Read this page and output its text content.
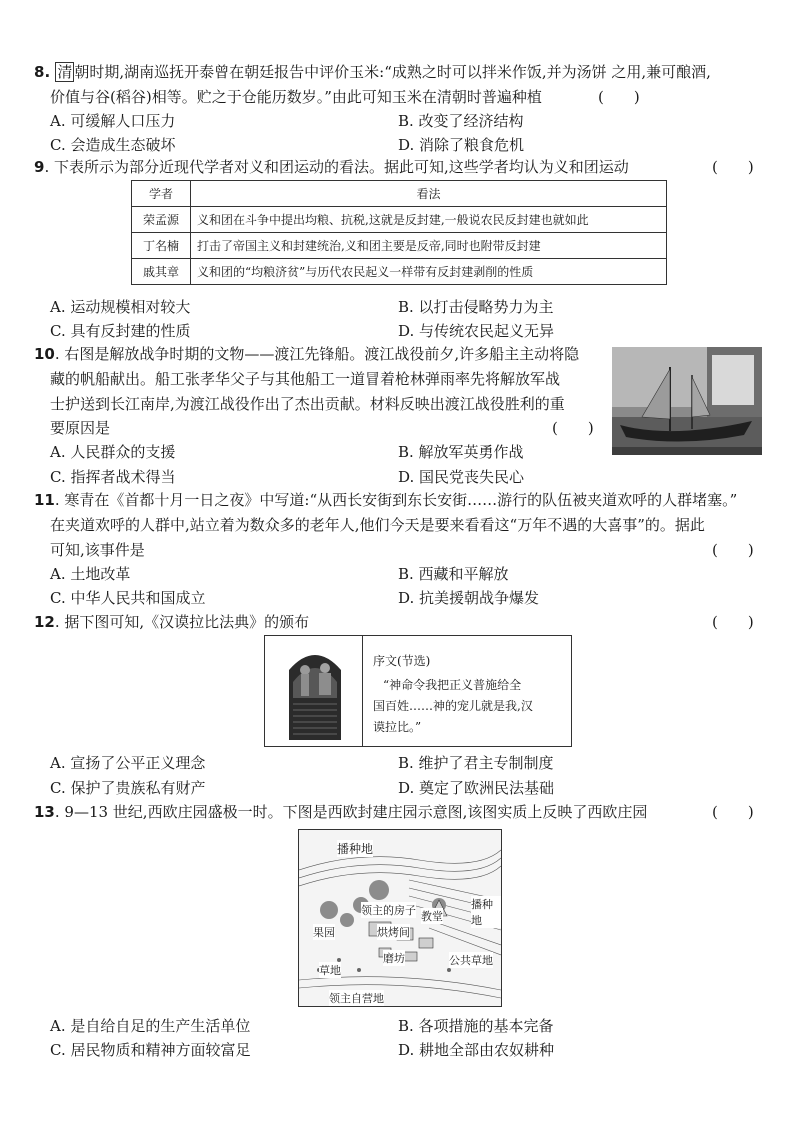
8. 清 朝时期,湖南巡抚开泰曾在朝廷报告中评价玉米:“成熟之时可以拌米作饭,并为汤饼 之用,兼可酿酒,
价值与谷(稻谷)相等。贮之于仓能历数岁。”由此可知玉米在清朝时普遍种植	(　　)
A. 可缓解人口压力	B. 改变了经济结构
C. 会造成生态破坏	D. 消除了粮食危机
9. 下表所示为部分近现代学者对义和团运动的看法。据此可知,这些学者均认为义和团运动	(　　)
学者	看法
荣孟源	义和团在斗争中提出均粮、抗税,这就是反封建,一般说农民反封建也就如此
丁名楠	打击了帝国主义和封建统治,义和团主要是反帝,同时也附带反封建
戚其章	义和团的“均粮济贫”与历代农民起义一样带有反封建剥削的性质
A. 运动规模相对较大	B. 以打击侵略势力为主
C. 具有反封建的性质	D. 与传统农民起义无异
10. 右图是解放战争时期的文物——渡江先锋船。渡江战役前夕,许多船主主动将隐
藏的帆船献出。船工张孝华父子与其他船工一道冒着枪林弹雨率先将解放军战
士护送到长江南岸,为渡江战役作出了杰出贡献。材料反映出渡江战役胜利的重
要原因是	(　　)
A. 人民群众的支援	B. 解放军英勇作战
C. 指挥者战术得当	D. 国民党丧失民心
11. 寒青在《首都十月一日之夜》中写道:“从西长安街到东长安街……游行的队伍被夹道欢呼的人群堵塞。”
在夹道欢呼的人群中,站立着为数众多的老年人,他们今天是要来看看这“万年不遇的大喜事”的。据此
可知,该事件是	(　　)
A. 土地改革	B. 西藏和平解放
C. 中华人民共和国成立	D. 抗美援朝战争爆发
12. 据下图可知,《汉谟拉比法典》的颁布	(　　)
序文(节选)
“神命令我把正义普施给全
国百姓……神的宠儿就是我,汉
谟拉比。”
A. 宣扬了公平正义理念	B. 维护了君主专制制度
C. 保护了贵族私有财产	D. 奠定了欧洲民法基础
13. 9—13 世纪,西欧庄园盛极一时。下图是西欧封建庄园示意图,该图实质上反映了西欧庄园	(　　)
播种地
领主的房子 教堂
烘烤间
磨坊
果园
草地
公共草地
领主自营地
播种地
A. 是自给自足的生产生活单位	B. 各项措施的基本完备
C. 居民物质和精神方面较富足	D. 耕地全部由农奴耕种
